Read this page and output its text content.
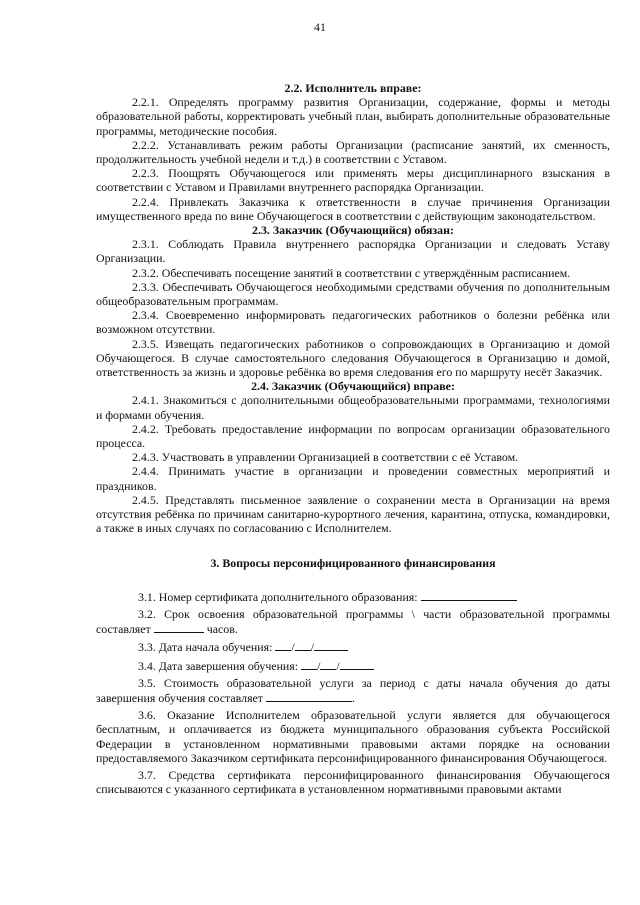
41

2.2. Исполнитель вправе:

2.2.1. Определять программу развития Организации, содержание, формы и методы образовательной работы, корректировать учебный план, выбирать дополнительные образовательные программы, методические пособия.

2.2.2. Устанавливать режим работы Организации (расписание занятий, их сменность, продолжительность учебной недели и т.д.) в соответствии с Уставом.

2.2.3. Поощрять Обучающегося или применять меры дисциплинарного взыскания в соответствии с Уставом и Правилами внутреннего распорядка Организации.

2.2.4. Привлекать Заказчика к ответственности в случае причинения Организации имущественного вреда по вине Обучающегося в соответствии с действующим законодательством.

2.3. Заказчик (Обучающийся) обязан:

2.3.1. Соблюдать Правила внутреннего распорядка Организации и следовать Уставу Организации.

2.3.2. Обеспечивать посещение занятий в соответствии с утверждённым расписанием.

2.3.3. Обеспечивать Обучающегося необходимыми средствами обучения по дополнительным общеобразовательным программам.

2.3.4. Своевременно информировать педагогических работников о болезни ребёнка или возможном отсутствии.

2.3.5. Извещать педагогических работников о сопровождающих в Организацию и домой Обучающегося. В случае самостоятельного следования Обучающегося в Организацию и домой, ответственность за жизнь и здоровье ребёнка во время следования его по маршруту несёт Заказчик.

2.4. Заказчик (Обучающийся) вправе:

2.4.1. Знакомиться с дополнительными общеобразовательными программами, технологиями и формами обучения.

2.4.2. Требовать предоставление информации по вопросам организации образовательного процесса.

2.4.3. Участвовать в управлении Организацией в соответствии с её Уставом.

2.4.4. Принимать участие в организации и проведении совместных мероприятий и праздников.

2.4.5. Представлять письменное заявление о сохранении места в Организации на время отсутствия ребёнка по причинам санитарно-курортного лечения, карантина, отпуска, командировки, а также в иных случаях по согласованию с Исполнителем.

3. Вопросы персонифицированного финансирования

3.1. Номер сертификата дополнительного образования:

3.2. Срок освоения образовательной программы \ части образовательной программы составляет	часов.

3.3. Дата начала обучения: / /

3.4. Дата завершения обучения: / /

3.5. Стоимость образовательной услуги за период с даты начала обучения до даты завершения обучения составляет	.

3.6. Оказание Исполнителем образовательной услуги является для обучающегося бесплатным, и оплачивается из бюджета муниципального образования субъекта Российской Федерации в установленном нормативными правовыми актами порядке на основании предоставляемого Заказчиком сертификата персонифицированного финансирования Обучающегося.

3.7. Средства сертификата персонифицированного финансирования Обучающегося списываются с указанного сертификата в установленном нормативными правовыми актами
